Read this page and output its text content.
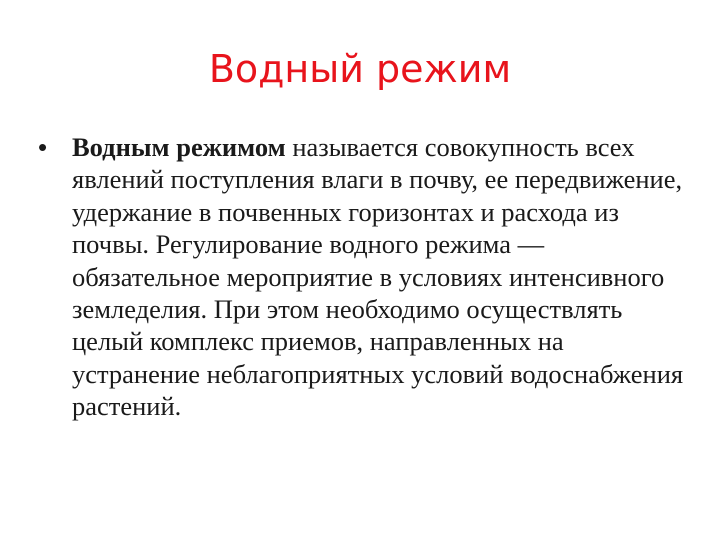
Водный режим
• Водным режимом называется совокупность всех явлений поступления влаги в почву, ее передвижение, удержание в почвенных горизонтах и расхода из почвы. Регулирование водного режима — обязательное мероприятие в условиях интенсивного земледелия. При этом необходимо осуществлять целый комплекс приемов, направленных на устранение неблагоприятных условий водоснабжения растений.
